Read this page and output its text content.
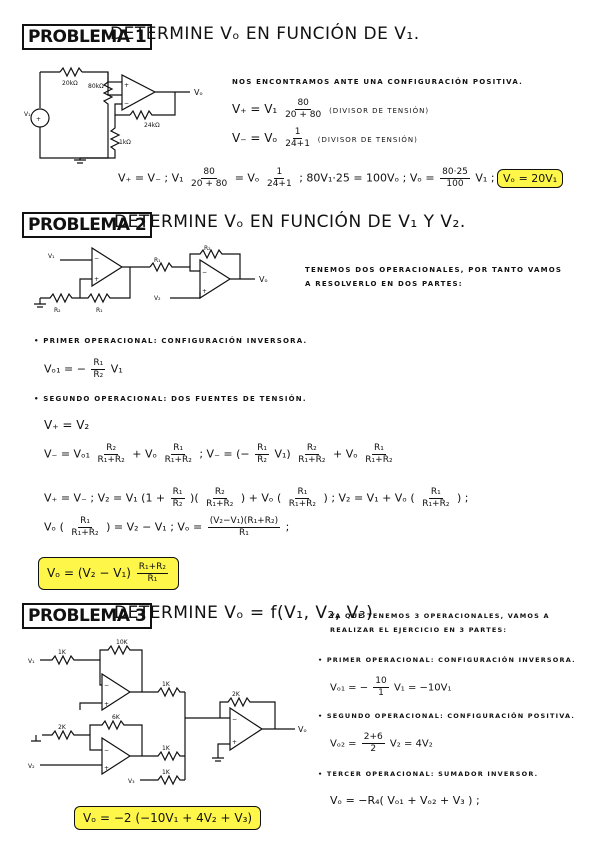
PROBLEMA 1
DETERMINE Vₒ EN FUNCIÓN DE V₁.
+
+
−
20kΩ 80kΩ
24kΩ
1kΩ
V₁
Vₒ
NOS ENCONTRAMOS ANTE UNA CONFIGURACIÓN POSITIVA.
$V_+ = V_1 \frac{80}{20 + 80}$ (DIVISOR DE TENSIÓN)
V₋ = Vₒ $\frac{1}{24+1}$ (DIVISOR DE TENSIÓN)
V₊ = V₋ ; $V_1 \frac{80}{20 + 80} = V_o \frac{1}{24+1}$ ; 80V₁·25 = 100Vₒ ; $V_o = \frac{80\cdot 25}{100} V_1$ ; Vₒ = 20V₁
PROBLEMA 2
DETERMINE Vₒ EN FUNCIÓN DE V₁ Y V₂.
−
+
−
+
V₁
V₂
R₂	R₁
R₁
R₂
Vₒ
TENEMOS DOS OPERACIONALES, POR TANTO VAMOS
A RESOLVERLO EN DOS PARTES:
• PRIMER OPERACIONAL: CONFIGURACIÓN INVERSORA.
Vₒ₁ = − $\frac{\text{R₁}}{\text{R₂}} V_1$
• SEGUNDO OPERACIONAL: DOS FUENTES DE TENSIÓN.
V₊ = V₂
$V_- = V_{o1} \frac{\text{R₂}}{\text{R₁+R₂}} + V_o \frac{\text{R₁}}{\text{R₁+R₂}}$ ; V₋ = (− $\frac{\text{R₁}}{\text{R₂}} V_1) \frac{\text{R₂}}{\text{R₁+R₂}} + V_o \frac{\text{R₁}}{\text{R₁+R₂}}$
V₊ = V₋ ; V₂ = V₁ ($1 + \frac{\text{R₁}}{\text{R₂}}$ )( $\frac{\text{R₂}}{\text{R₁+R₂}}$ ) + Vₒ ( $\frac{\text{R₁}}{\text{R₁+R₂}}$ ) ; V₂ = V₁ + Vₒ ( $\frac{\text{R₁}}{\text{R₁+R₂}}$ ) ;
Vₒ ( $\frac{\text{R₁}}{\text{R₁+R₂}}$ ) = V₂ − V₁ ; $V_o = \frac{\text{(V₂−V₁)(R₁+R₂)}}{\text{R₁}}$ ;
$V_o = (V_2 - V_1) \frac{\text{R₁+R₂}}{\text{R₁}}$
PROBLEMA 3
DETERMINE Vₒ = f(V₁, V₂, V₃)
−
+
−
+
−
+
1K
10K
1K
2K
6K
1K
1K
2K
V₁
V₂
V₃
Vₒ
YA QUE TENEMOS 3 OPERACIONALES, VAMOS A
REALIZAR EL EJERCICIO EN 3 PARTES:
• PRIMER OPERACIONAL: CONFIGURACIÓN INVERSORA.
Vₒ₁ = − $\frac{10}{1} V_1 = -10V_1$
• SEGUNDO OPERACIONAL: CONFIGURACIÓN POSITIVA.
$V_{o2} = \frac{2+6}{2} V_2 = 4V_2$
• TERCER OPERACIONAL: SUMADOR INVERSOR.
Vₒ = −R₄( Vₒ₁ + Vₒ₂ + V₃ ) ;
Vₒ = −2 (−10V₁ + 4V₂ + V₃)
